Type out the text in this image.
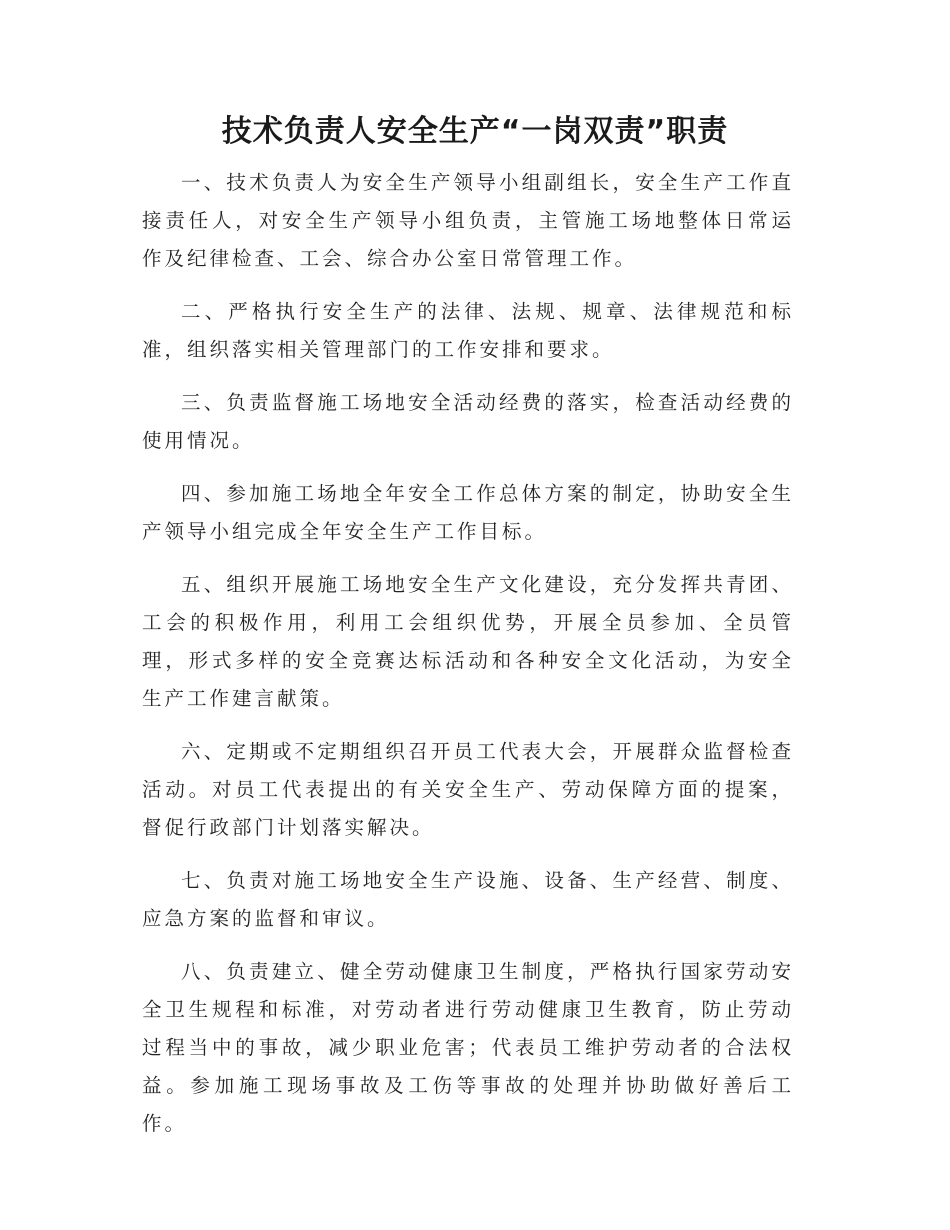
技术负责人安全生产“一岗双责”职责

一、技术负责人为安全生产领导小组副组长，安全生产工作直接责任人，对安全生产领导小组负责，主管施工场地整体日常运作及纪律检查、工会、综合办公室日常管理工作。

二、严格执行安全生产的法律、法规、规章、法律规范和标准，组织落实相关管理部门的工作安排和要求。

三、负责监督施工场地安全活动经费的落实，检查活动经费的使用情况。

四、参加施工场地全年安全工作总体方案的制定，协助安全生产领导小组完成全年安全生产工作目标。

五、组织开展施工场地安全生产文化建设，充分发挥共青团、工会的积极作用，利用工会组织优势，开展全员参加、全员管理，形式多样的安全竞赛达标活动和各种安全文化活动，为安全生产工作建言献策。

六、定期或不定期组织召开员工代表大会，开展群众监督检查活动。对员工代表提出的有关安全生产、劳动保障方面的提案，督促行政部门计划落实解决。

七、负责对施工场地安全生产设施、设备、生产经营、制度、应急方案的监督和审议。

八、负责建立、健全劳动健康卫生制度，严格执行国家劳动安全卫生规程和标准，对劳动者进行劳动健康卫生教育，防止劳动过程当中的事故，减少职业危害；代表员工维护劳动者的合法权益。参加施工现场事故及工伤等事故的处理并协助做好善后工作。
